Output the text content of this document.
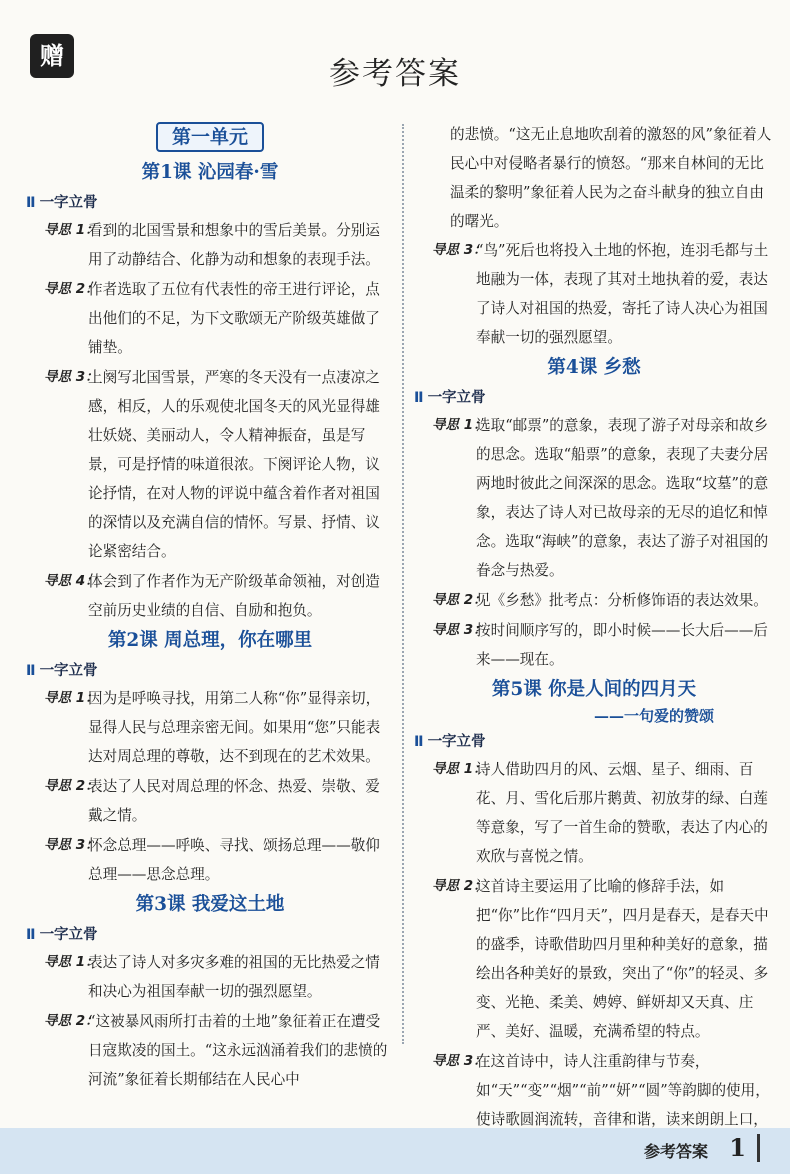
赠	参考答案
第一单元
第1课 沁园春·雪
Ⅱ 一字立骨
导思 1：
看到的北国雪景和想象中的雪后美景。分别运用了动静结合、化静为动和想象的表现手法。
导思 2：
作者选取了五位有代表性的帝王进行评论，点出他们的不足，为下文歌颂无产阶级英雄做了铺垫。
导思 3：
上阕写北国雪景，严寒的冬天没有一点凄凉之感，相反，人的乐观使北国冬天的风光显得雄壮妖娆、美丽动人，令人精神振奋，虽是写景，可是抒情的味道很浓。下阕评论人物，议论抒情，在对人物的评说中蕴含着作者对祖国的深情以及充满自信的情怀。写景、抒情、议论紧密结合。
导思 4：
体会到了作者作为无产阶级革命领袖，对创造空前历史业绩的自信、自励和抱负。
第2课 周总理，你在哪里
Ⅱ 一字立骨
导思 1：
因为是呼唤寻找，用第二人称“你”显得亲切，显得人民与总理亲密无间。如果用“您”只能表达对周总理的尊敬，达不到现在的艺术效果。
导思 2：
表达了人民对周总理的怀念、热爱、崇敬、爱戴之情。
导思 3：
怀念总理——呼唤、寻找、颂扬总理——敬仰总理——思念总理。
第3课 我爱这土地
Ⅱ 一字立骨
导思 1：
表达了诗人对多灾多难的祖国的无比热爱之情和决心为祖国奉献一切的强烈愿望。
导思 2：
“这被暴风雨所打击着的土地”象征着正在遭受日寇欺凌的国土。“这永远汹涌着我们的悲愤的河流”象征着长期郁结在人民心中
的悲愤。“这无止息地吹刮着的激怒的风”象征着人民心中对侵略者暴行的愤怒。“那来自林间的无比温柔的黎明”象征着人民为之奋斗献身的独立自由的曙光。
导思 3：
“鸟”死后也将投入土地的怀抱，连羽毛都与土地融为一体，表现了其对土地执着的爱，表达了诗人对祖国的热爱，寄托了诗人决心为祖国奉献一切的强烈愿望。
第4课 乡愁
Ⅱ 一字立骨
导思 1：
选取“邮票”的意象，表现了游子对母亲和故乡的思念。选取“船票”的意象，表现了夫妻分居两地时彼此之间深深的思念。选取“坟墓”的意象，表达了诗人对已故母亲的无尽的追忆和悼念。选取“海峡”的意象，表达了游子对祖国的眷念与热爱。
导思 2：
见《乡愁》批考点：分析修饰语的表达效果。
导思 3：
按时间顺序写的，即小时候——长大后——后来——现在。
第5课 你是人间的四月天
——一句爱的赞颂
Ⅱ 一字立骨
导思 1：
诗人借助四月的风、云烟、星子、细雨、百花、月、雪化后那片鹅黄、初放芽的绿、白莲等意象，写了一首生命的赞歌，表达了内心的欢欣与喜悦之情。
导思 2：
这首诗主要运用了比喻的修辞手法，如把“你”比作“四月天”，四月是春天，是春天中的盛季，诗歌借助四月里种种美好的意象，描绘出各种美好的景致，突出了“你”的轻灵、多变、光艳、柔美、娉婷、鲜妍却又天真、庄严、美好、温暖，充满希望的特点。
导思 3：
在这首诗中，诗人注重韵律与节奏，如“天”“变”“烟”“前”“妍”“圆”等韵脚的使用，使诗歌圆润流转，音律和谐，读来朗朗上口，
参考答案 1
